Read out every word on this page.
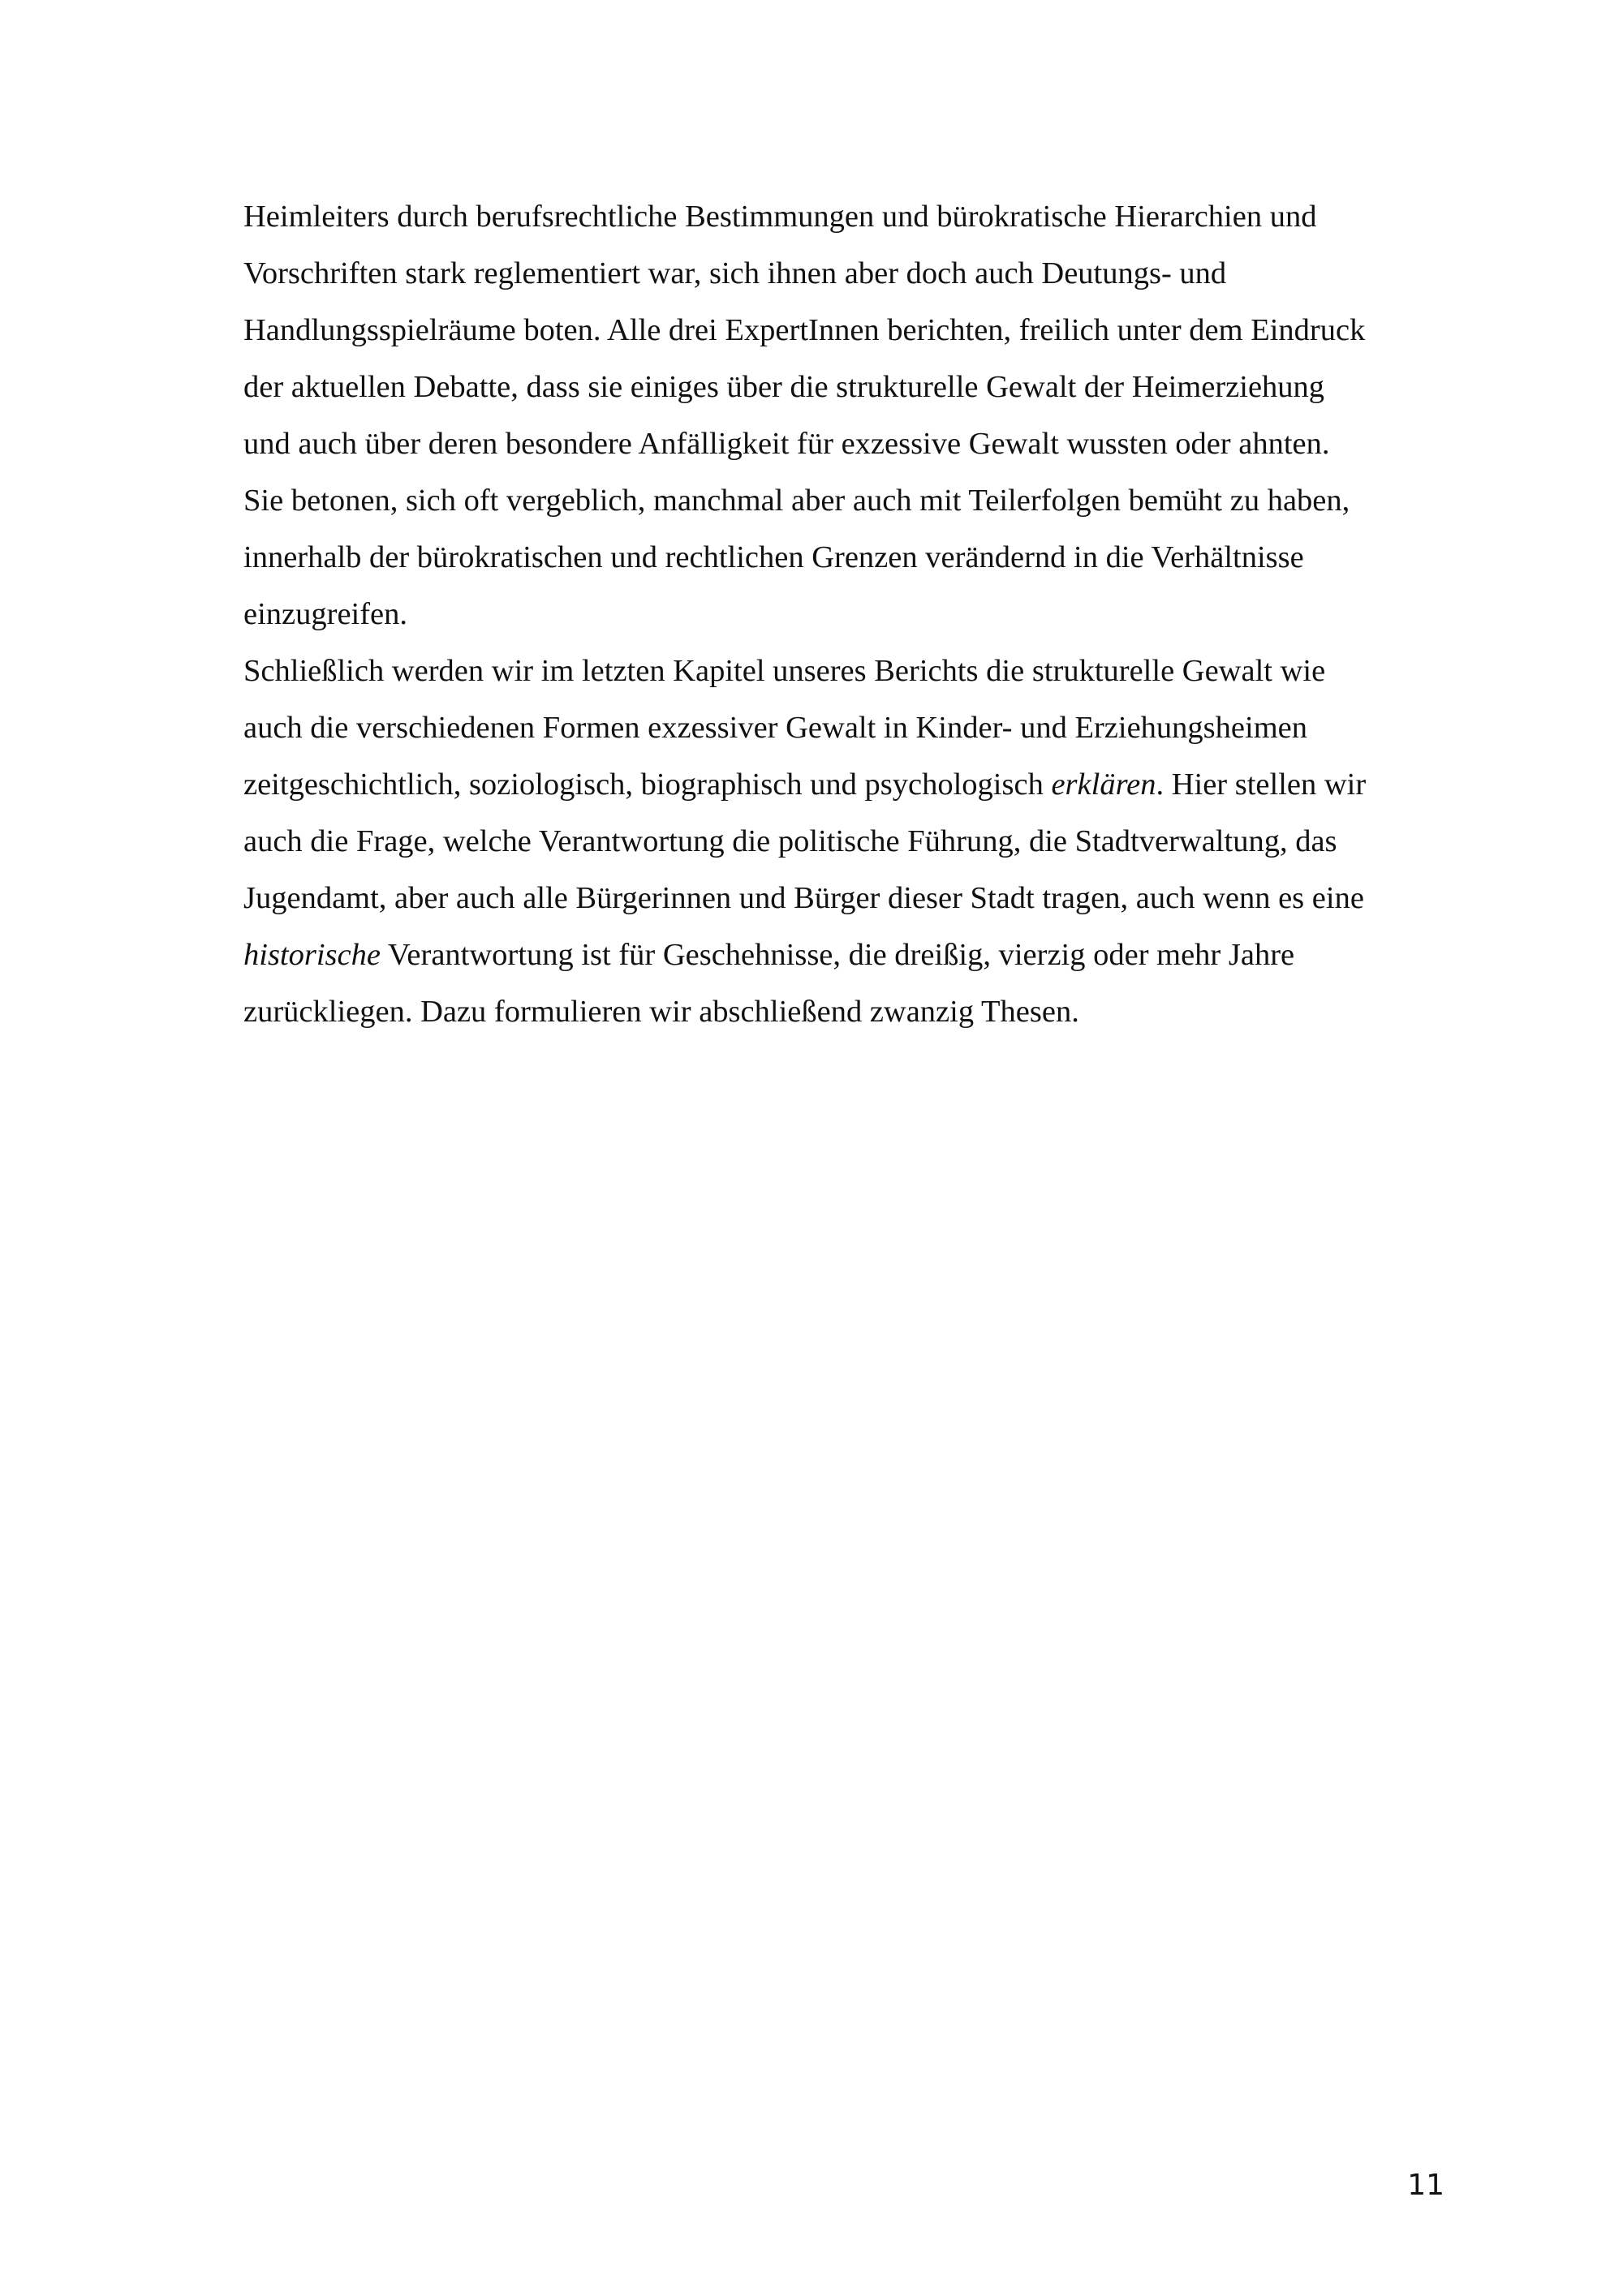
Heimleiters durch berufsrechtliche Bestimmungen und bürokratische Hierarchien und
Vorschriften stark reglementiert war, sich ihnen aber doch auch Deutungs- und
Handlungsspielräume boten. Alle drei ExpertInnen berichten, freilich unter dem Eindruck
der aktuellen Debatte, dass sie einiges über die strukturelle Gewalt der Heimerziehung
und auch über deren besondere Anfälligkeit für exzessive Gewalt wussten oder ahnten.
Sie betonen, sich oft vergeblich, manchmal aber auch mit Teilerfolgen bemüht zu haben,
innerhalb der bürokratischen und rechtlichen Grenzen verändernd in die Verhältnisse
einzugreifen.
Schließlich werden wir im letzten Kapitel unseres Berichts die strukturelle Gewalt wie
auch die verschiedenen Formen exzessiver Gewalt in Kinder- und Erziehungsheimen
zeitgeschichtlich, soziologisch, biographisch und psychologisch erklären. Hier stellen wir
auch die Frage, welche Verantwortung die politische Führung, die Stadtverwaltung, das
Jugendamt, aber auch alle Bürgerinnen und Bürger dieser Stadt tragen, auch wenn es eine
historische Verantwortung ist für Geschehnisse, die dreißig, vierzig oder mehr Jahre
zurückliegen. Dazu formulieren wir abschließend zwanzig Thesen.
11
